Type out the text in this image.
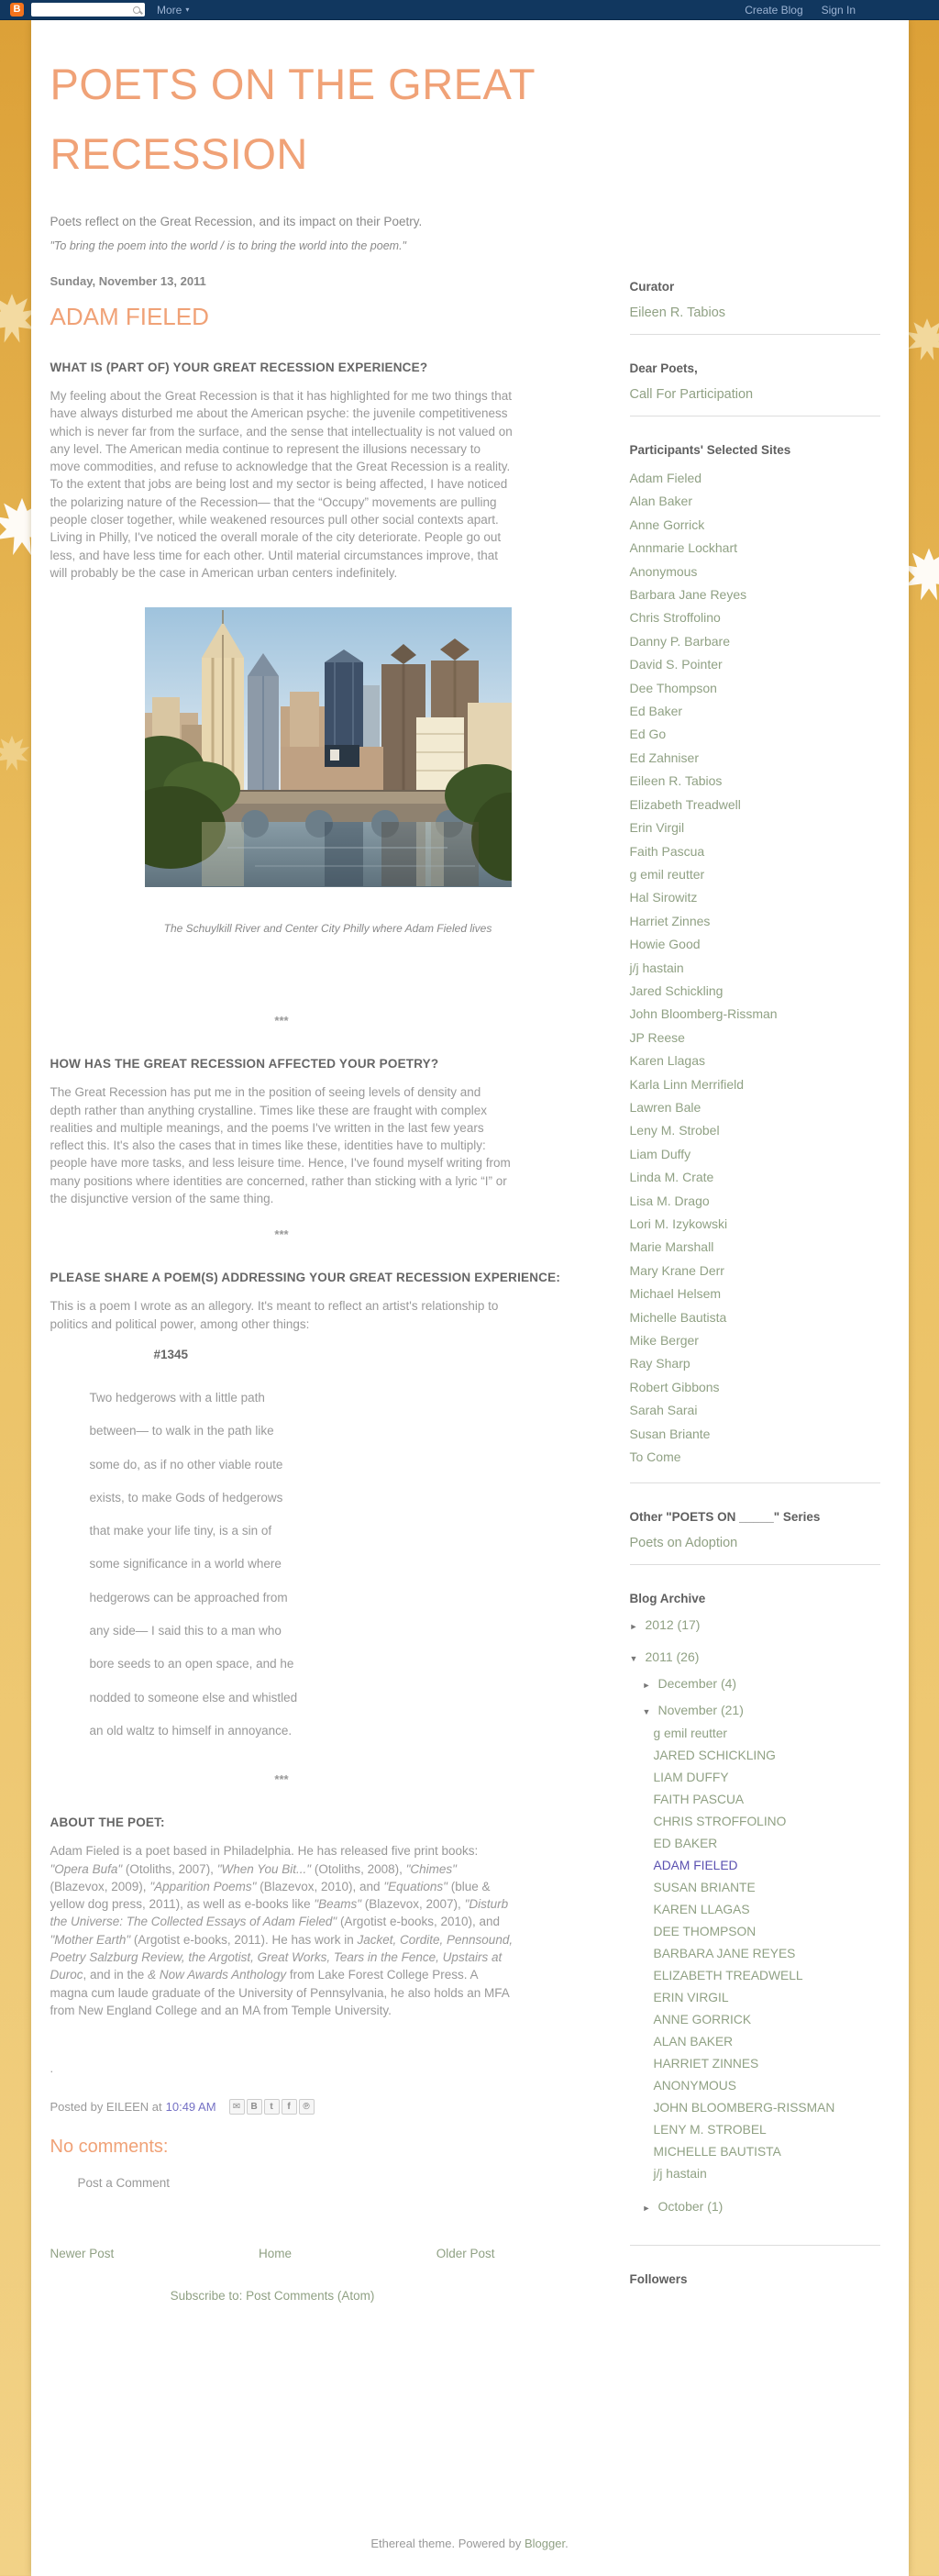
B	More ▾	Create Blog Sign In
POETS ON THE GREAT RECESSION

Poets reflect on the Great Recession, and its impact on their Poetry.

"To bring the poem into the world / is to bring the world into the poem."

Sunday, November 13, 2011
ADAM FIELED
WHAT IS (PART OF) YOUR GREAT RECESSION EXPERIENCE?

My feeling about the Great Recession is that it has highlighted for me two things that have always disturbed me about the American psyche: the juvenile competitiveness which is never far from the surface, and the sense that intellectuality is not valued on any level. The American media continue to represent the illusions necessary to move commodities, and refuse to acknowledge that the Great Recession is a reality. To the extent that jobs are being lost and my sector is being affected, I have noticed the polarizing nature of the Recession— that the “Occupy” movements are pulling people closer together, while weakened resources pull other social contexts apart. Living in Philly, I've noticed the overall morale of the city deteriorate. People go out less, and have less time for each other. Until material circumstances improve, that will probably be the case in American urban centers indefinitely.

The Schuylkill River and Center City Philly where Adam Fieled lives
***
HOW HAS THE GREAT RECESSION AFFECTED YOUR POETRY?

The Great Recession has put me in the position of seeing levels of density and depth rather than anything crystalline. Times like these are fraught with complex realities and multiple meanings, and the poems I've written in the last few years reflect this. It's also the cases that in times like these, identities have to multiply: people have more tasks, and less leisure time. Hence, I've found myself writing from many positions where identities are concerned, rather than sticking with a lyric “I” or the disjunctive version of the same thing.

***
PLEASE SHARE A POEM(S) ADDRESSING YOUR GREAT RECESSION EXPERIENCE:

This is a poem I wrote as an allegory. It's meant to reflect an artist's relationship to politics and political power, among other things:

#1345

Two hedgerows with a little path

between— to walk in the path like

some do, as if no other viable route

exists, to make Gods of hedgerows

that make your life tiny, is a sin of

some significance in a world where

hedgerows can be approached from

any side— I said this to a man who

bore seeds to an open space, and he

nodded to someone else and whistled

an old waltz to himself in annoyance.

***
ABOUT THE POET:

Adam Fieled is a poet based in Philadelphia. He has released five print books: "Opera Bufa" (Otoliths, 2007), "When You Bit..." (Otoliths, 2008), "Chimes" (Blazevox, 2009), "Apparition Poems" (Blazevox, 2010), and "Equations" (blue & yellow dog press, 2011), as well as e-books like "Beams" (Blazevox, 2007), "Disturb the Universe: The Collected Essays of Adam Fieled" (Argotist e-books, 2010), and "Mother Earth" (Argotist e-books, 2011). He has work in Jacket, Cordite, Pennsound, Poetry Salzburg Review, the Argotist, Great Works, Tears in the Fence, Upstairs at Duroc, and in the & Now Awards Anthology from Lake Forest College Press. A magna cum laude graduate of the University of Pennsylvania, he also holds an MFA from New England College and an MA from Temple University.

.

Posted by EILEEN at 10:49 AM	✉	B	t	f	℗
No comments:
Post a Comment
Newer Post	Home	Older Post
Subscribe to: Post Comments (Atom)
Curator
Eileen R. Tabios
Dear Poets,
Call For Participation
Participants' Selected Sites
Adam Fieled
Alan Baker
Anne Gorrick
Annmarie Lockhart
Anonymous
Barbara Jane Reyes
Chris Stroffolino
Danny P. Barbare
David S. Pointer
Dee Thompson
Ed Baker
Ed Go
Ed Zahniser
Eileen R. Tabios
Elizabeth Treadwell
Erin Virgil
Faith Pascua
g emil reutter
Hal Sirowitz
Harriet Zinnes
Howie Good
j/j hastain
Jared Schickling
John Bloomberg-Rissman
JP Reese
Karen Llagas
Karla Linn Merrifield
Lawren Bale
Leny M. Strobel
Liam Duffy
Linda M. Crate
Lisa M. Drago
Lori M. Izykowski
Marie Marshall
Mary Krane Derr
Michael Helsem
Michelle Bautista
Mike Berger
Ray Sharp
Robert Gibbons
Sarah Sarai
Susan Briante
To Come
Other "POETS ON _____" Series
Poets on Adoption
Blog Archive
► 2012 (17)
▼ 2011 (26)
► December (4)
▼ November (21)
g emil reutter
JARED SCHICKLING
LIAM DUFFY
FAITH PASCUA
CHRIS STROFFOLINO
ED BAKER
ADAM FIELED
SUSAN BRIANTE
KAREN LLAGAS
DEE THOMPSON
BARBARA JANE REYES
ELIZABETH TREADWELL
ERIN VIRGIL
ANNE GORRICK
ALAN BAKER
HARRIET ZINNES
ANONYMOUS
JOHN BLOOMBERG-RISSMAN
LENY M. STROBEL
MICHELLE BAUTISTA
j/j hastain
► October (1)
Followers
Ethereal theme. Powered by Blogger.
